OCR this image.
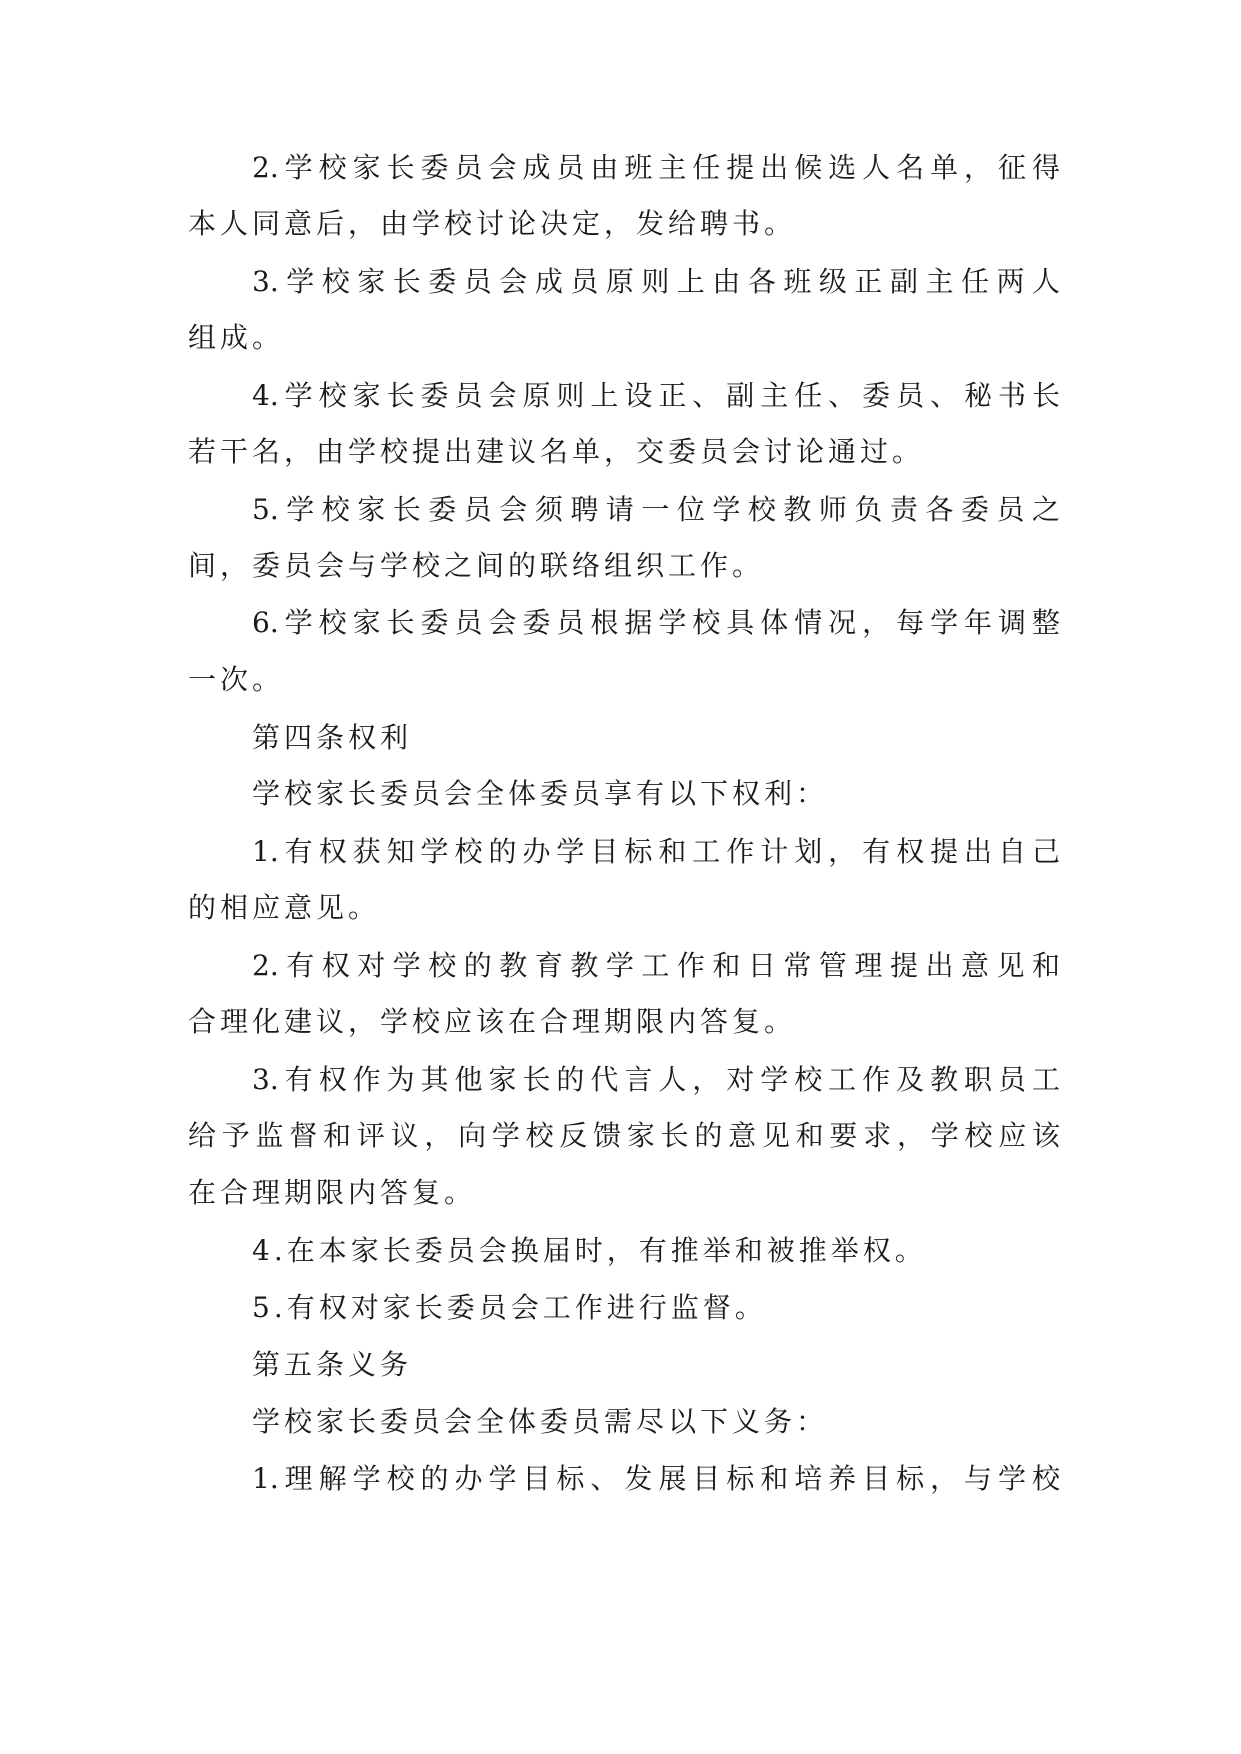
2.学校家长委员会成员由班主任提出候选人名单，征得
本人同意后，由学校讨论决定，发给聘书。
3.学校家长委员会成员原则上由各班级正副主任两人
组成。
4.学校家长委员会原则上设正、副主任、委员、秘书长
若干名，由学校提出建议名单，交委员会讨论通过。
5.学校家长委员会须聘请一位学校教师负责各委员之
间，委员会与学校之间的联络组织工作。
6.学校家长委员会委员根据学校具体情况，每学年调整
一次。
第四条权利
学校家长委员会全体委员享有以下权利：
1.有权获知学校的办学目标和工作计划，有权提出自己
的相应意见。
2.有权对学校的教育教学工作和日常管理提出意见和
合理化建议，学校应该在合理期限内答复。
3.有权作为其他家长的代言人，对学校工作及教职员工
给予监督和评议，向学校反馈家长的意见和要求，学校应该
在合理期限内答复。
4.在本家长委员会换届时，有推举和被推举权。
5.有权对家长委员会工作进行监督。
第五条义务
学校家长委员会全体委员需尽以下义务：
1.理解学校的办学目标、发展目标和培养目标，与学校
